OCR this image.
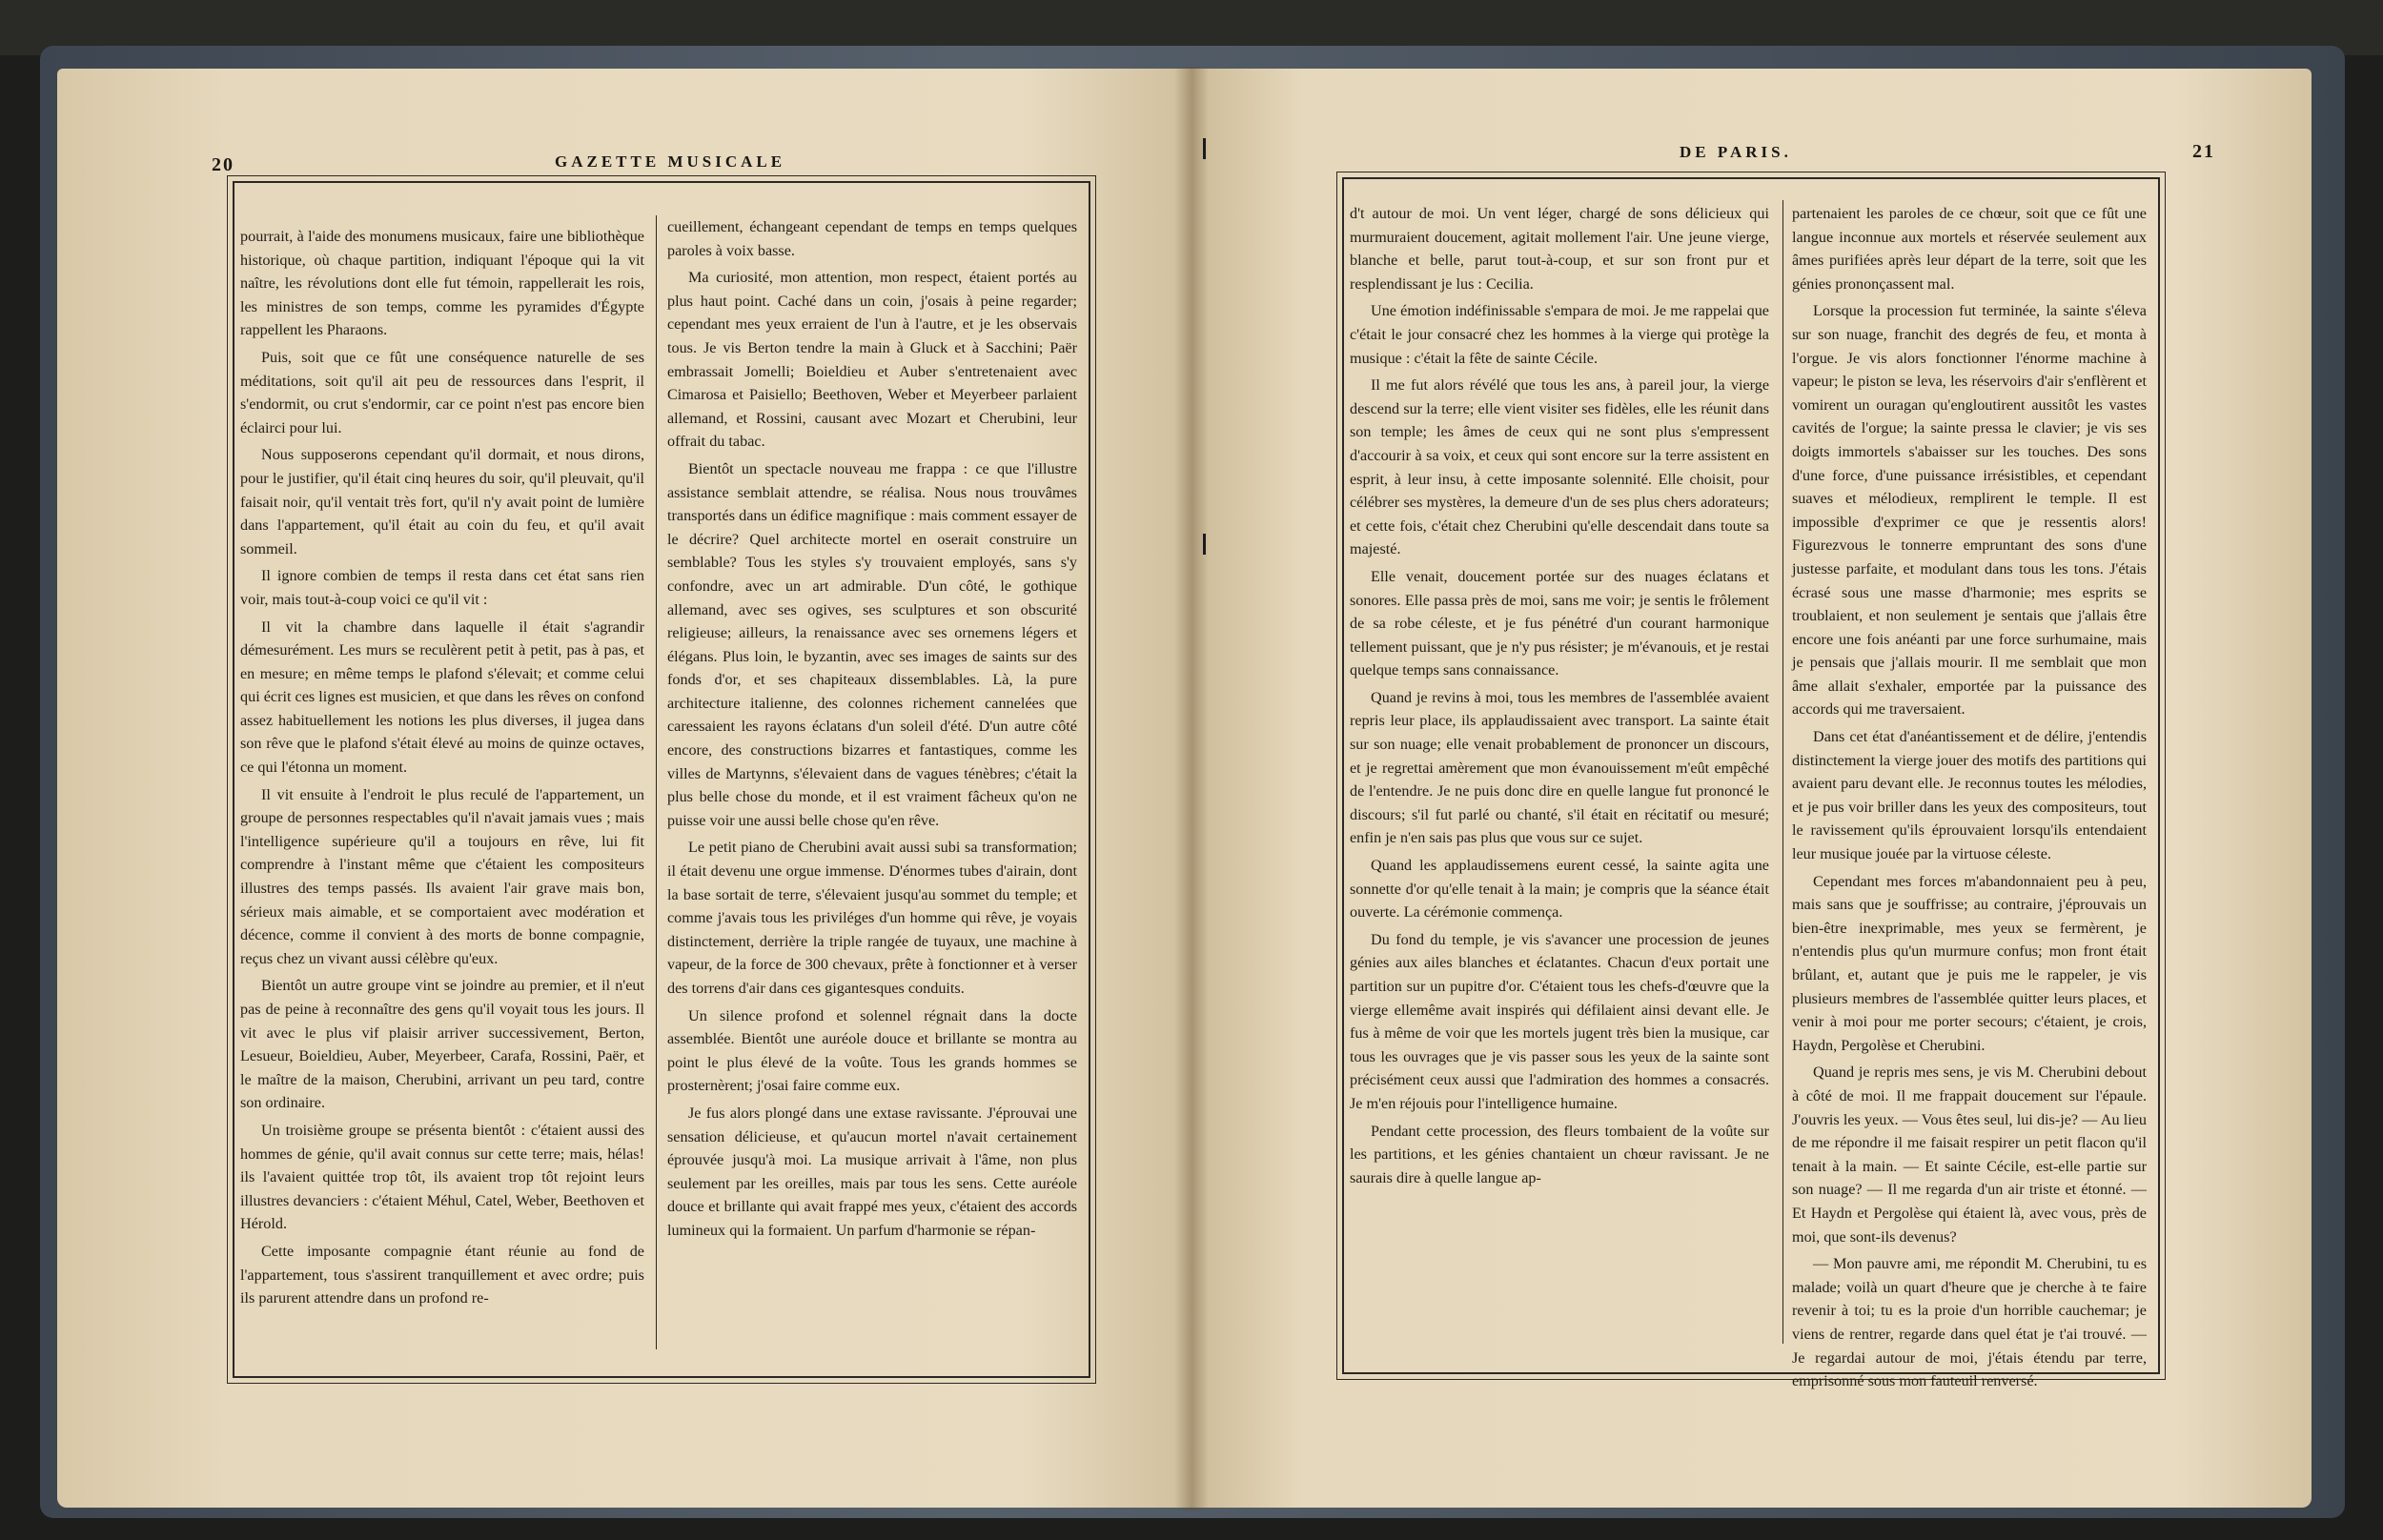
20	GAZETTE MUSICALE

pourrait, à l'aide des monumens musicaux, faire une bibliothèque historique, où chaque partition, indiquant l'époque qui la vit naître, les révolutions dont elle fut témoin, rappellerait les rois, les ministres de son temps, comme les pyramides d'Égypte rappellent les Pharaons.

Puis, soit que ce fût une conséquence naturelle de ses méditations, soit qu'il ait peu de ressources dans l'esprit, il s'endormit, ou crut s'endormir, car ce point n'est pas encore bien éclairci pour lui.

Nous supposerons cependant qu'il dormait, et nous dirons, pour le justifier, qu'il était cinq heures du soir, qu'il pleuvait, qu'il faisait noir, qu'il ventait très fort, qu'il n'y avait point de lumière dans l'appartement, qu'il était au coin du feu, et qu'il avait sommeil.

Il ignore combien de temps il resta dans cet état sans rien voir, mais tout-à-coup voici ce qu'il vit :

Il vit la chambre dans laquelle il était s'agrandir démesurément. Les murs se reculèrent petit à petit, pas à pas, et en mesure; en même temps le plafond s'élevait; et comme celui qui écrit ces lignes est musicien, et que dans les rêves on confond assez habituellement les notions les plus diverses, il jugea dans son rêve que le plafond s'était élevé au moins de quinze octaves, ce qui l'étonna un moment.

Il vit ensuite à l'endroit le plus reculé de l'appartement, un groupe de personnes respectables qu'il n'avait jamais vues ; mais l'intelligence supérieure qu'il a toujours en rêve, lui fit comprendre à l'instant même que c'étaient les compositeurs illustres des temps passés. Ils avaient l'air grave mais bon, sérieux mais aimable, et se comportaient avec modération et décence, comme il convient à des morts de bonne compagnie, reçus chez un vivant aussi célèbre qu'eux.

Bientôt un autre groupe vint se joindre au premier, et il n'eut pas de peine à reconnaître des gens qu'il voyait tous les jours. Il vit avec le plus vif plaisir arriver successivement, Berton, Lesueur, Boieldieu, Auber, Meyerbeer, Carafa, Rossini, Paër, et le maître de la maison, Cherubini, arrivant un peu tard, contre son ordinaire.

Un troisième groupe se présenta bientôt : c'étaient aussi des hommes de génie, qu'il avait connus sur cette terre; mais, hélas! ils l'avaient quittée trop tôt, ils avaient trop tôt rejoint leurs illustres devanciers : c'étaient Méhul, Catel, Weber, Beethoven et Hérold.

Cette imposante compagnie étant réunie au fond de l'appartement, tous s'assirent tranquillement et avec ordre; puis ils parurent attendre dans un profond re-

cueillement, échangeant cependant de temps en temps quelques paroles à voix basse.

Ma curiosité, mon attention, mon respect, étaient portés au plus haut point. Caché dans un coin, j'osais à peine regarder; cependant mes yeux erraient de l'un à l'autre, et je les observais tous. Je vis Berton tendre la main à Gluck et à Sacchini; Paër embrassait Jomelli; Boieldieu et Auber s'entretenaient avec Cimarosa et Paisiello; Beethoven, Weber et Meyerbeer parlaient allemand, et Rossini, causant avec Mozart et Cherubini, leur offrait du tabac.

Bientôt un spectacle nouveau me frappa : ce que l'illustre assistance semblait attendre, se réalisa. Nous nous trouvâmes transportés dans un édifice magnifique : mais comment essayer de le décrire? Quel architecte mortel en oserait construire un semblable? Tous les styles s'y trouvaient employés, sans s'y confondre, avec un art admirable. D'un côté, le gothique allemand, avec ses ogives, ses sculptures et son obscurité religieuse; ailleurs, la renaissance avec ses ornemens légers et élégans. Plus loin, le byzantin, avec ses images de saints sur des fonds d'or, et ses chapiteaux dissemblables. Là, la pure architecture italienne, des colonnes richement cannelées que caressaient les rayons éclatans d'un soleil d'été. D'un autre côté encore, des constructions bizarres et fantastiques, comme les villes de Martynns, s'élevaient dans de vagues ténèbres; c'était la plus belle chose du monde, et il est vraiment fâcheux qu'on ne puisse voir une aussi belle chose qu'en rêve.

Le petit piano de Cherubini avait aussi subi sa transformation; il était devenu une orgue immense. D'énormes tubes d'airain, dont la base sortait de terre, s'élevaient jusqu'au sommet du temple; et comme j'avais tous les priviléges d'un homme qui rêve, je voyais distinctement, derrière la triple rangée de tuyaux, une machine à vapeur, de la force de 300 chevaux, prête à fonctionner et à verser des torrens d'air dans ces gigantesques conduits.

Un silence profond et solennel régnait dans la docte assemblée. Bientôt une auréole douce et brillante se montra au point le plus élevé de la voûte. Tous les grands hommes se prosternèrent; j'osai faire comme eux.

Je fus alors plongé dans une extase ravissante. J'éprouvai une sensation délicieuse, et qu'aucun mortel n'avait certainement éprouvée jusqu'à moi. La musique arrivait à l'âme, non plus seulement par les oreilles, mais par tous les sens. Cette auréole douce et brillante qui avait frappé mes yeux, c'étaient des accords lumineux qui la formaient. Un parfum d'harmonie se répan-

DE PARIS.	21

d't autour de moi. Un vent léger, chargé de sons délicieux qui murmuraient doucement, agitait mollement l'air. Une jeune vierge, blanche et belle, parut tout-à-coup, et sur son front pur et resplendissant je lus : Cecilia.

Une émotion indéfinissable s'empara de moi. Je me rappelai que c'était le jour consacré chez les hommes à la vierge qui protège la musique : c'était la fête de sainte Cécile.

Il me fut alors révélé que tous les ans, à pareil jour, la vierge descend sur la terre; elle vient visiter ses fidèles, elle les réunit dans son temple; les âmes de ceux qui ne sont plus s'empressent d'accourir à sa voix, et ceux qui sont encore sur la terre assistent en esprit, à leur insu, à cette imposante solennité. Elle choisit, pour célébrer ses mystères, la demeure d'un de ses plus chers adorateurs; et cette fois, c'était chez Cherubini qu'elle descendait dans toute sa majesté.

Elle venait, doucement portée sur des nuages éclatans et sonores. Elle passa près de moi, sans me voir; je sentis le frôlement de sa robe céleste, et je fus pénétré d'un courant harmonique tellement puissant, que je n'y pus résister; je m'évanouis, et je restai quelque temps sans connaissance.

Quand je revins à moi, tous les membres de l'assemblée avaient repris leur place, ils applaudissaient avec transport. La sainte était sur son nuage; elle venait probablement de prononcer un discours, et je regrettai amèrement que mon évanouissement m'eût empêché de l'entendre. Je ne puis donc dire en quelle langue fut prononcé le discours; s'il fut parlé ou chanté, s'il était en récitatif ou mesuré; enfin je n'en sais pas plus que vous sur ce sujet.

Quand les applaudissemens eurent cessé, la sainte agita une sonnette d'or qu'elle tenait à la main; je compris que la séance était ouverte. La cérémonie commença.

Du fond du temple, je vis s'avancer une procession de jeunes génies aux ailes blanches et éclatantes. Chacun d'eux portait une partition sur un pupitre d'or. C'étaient tous les chefs-d'œuvre que la vierge ellemême avait inspirés qui défilaient ainsi devant elle. Je fus à même de voir que les mortels jugent très bien la musique, car tous les ouvrages que je vis passer sous les yeux de la sainte sont précisément ceux aussi que l'admiration des hommes a consacrés. Je m'en réjouis pour l'intelligence humaine.

Pendant cette procession, des fleurs tombaient de la voûte sur les partitions, et les génies chantaient un chœur ravissant. Je ne saurais dire à quelle langue ap-

partenaient les paroles de ce chœur, soit que ce fût une langue inconnue aux mortels et réservée seulement aux âmes purifiées après leur départ de la terre, soit que les génies prononçassent mal.

Lorsque la procession fut terminée, la sainte s'éleva sur son nuage, franchit des degrés de feu, et monta à l'orgue. Je vis alors fonctionner l'énorme machine à vapeur; le piston se leva, les réservoirs d'air s'enflèrent et vomirent un ouragan qu'engloutirent aussitôt les vastes cavités de l'orgue; la sainte pressa le clavier; je vis ses doigts immortels s'abaisser sur les touches. Des sons d'une force, d'une puissance irrésistibles, et cependant suaves et mélodieux, remplirent le temple. Il est impossible d'exprimer ce que je ressentis alors! Figurezvous le tonnerre empruntant des sons d'une justesse parfaite, et modulant dans tous les tons. J'étais écrasé sous une masse d'harmonie; mes esprits se troublaient, et non seulement je sentais que j'allais être encore une fois anéanti par une force surhumaine, mais je pensais que j'allais mourir. Il me semblait que mon âme allait s'exhaler, emportée par la puissance des accords qui me traversaient.

Dans cet état d'anéantissement et de délire, j'entendis distinctement la vierge jouer des motifs des partitions qui avaient paru devant elle. Je reconnus toutes les mélodies, et je pus voir briller dans les yeux des compositeurs, tout le ravissement qu'ils éprouvaient lorsqu'ils entendaient leur musique jouée par la virtuose céleste.

Cependant mes forces m'abandonnaient peu à peu, mais sans que je souffrisse; au contraire, j'éprouvais un bien-être inexprimable, mes yeux se fermèrent, je n'entendis plus qu'un murmure confus; mon front était brûlant, et, autant que je puis me le rappeler, je vis plusieurs membres de l'assemblée quitter leurs places, et venir à moi pour me porter secours; c'étaient, je crois, Haydn, Pergolèse et Cherubini.

Quand je repris mes sens, je vis M. Cherubini debout à côté de moi. Il me frappait doucement sur l'épaule. J'ouvris les yeux. — Vous êtes seul, lui dis-je? — Au lieu de me répondre il me faisait respirer un petit flacon qu'il tenait à la main. — Et sainte Cécile, est-elle partie sur son nuage? — Il me regarda d'un air triste et étonné. — Et Haydn et Pergolèse qui étaient là, avec vous, près de moi, que sont-ils devenus?

— Mon pauvre ami, me répondit M. Cherubini, tu es malade; voilà un quart d'heure que je cherche à te faire revenir à toi; tu es la proie d'un horrible cauchemar; je viens de rentrer, regarde dans quel état je t'ai trouvé. — Je regardai autour de moi, j'étais étendu par terre, emprisonné sous mon fauteuil renversé.
